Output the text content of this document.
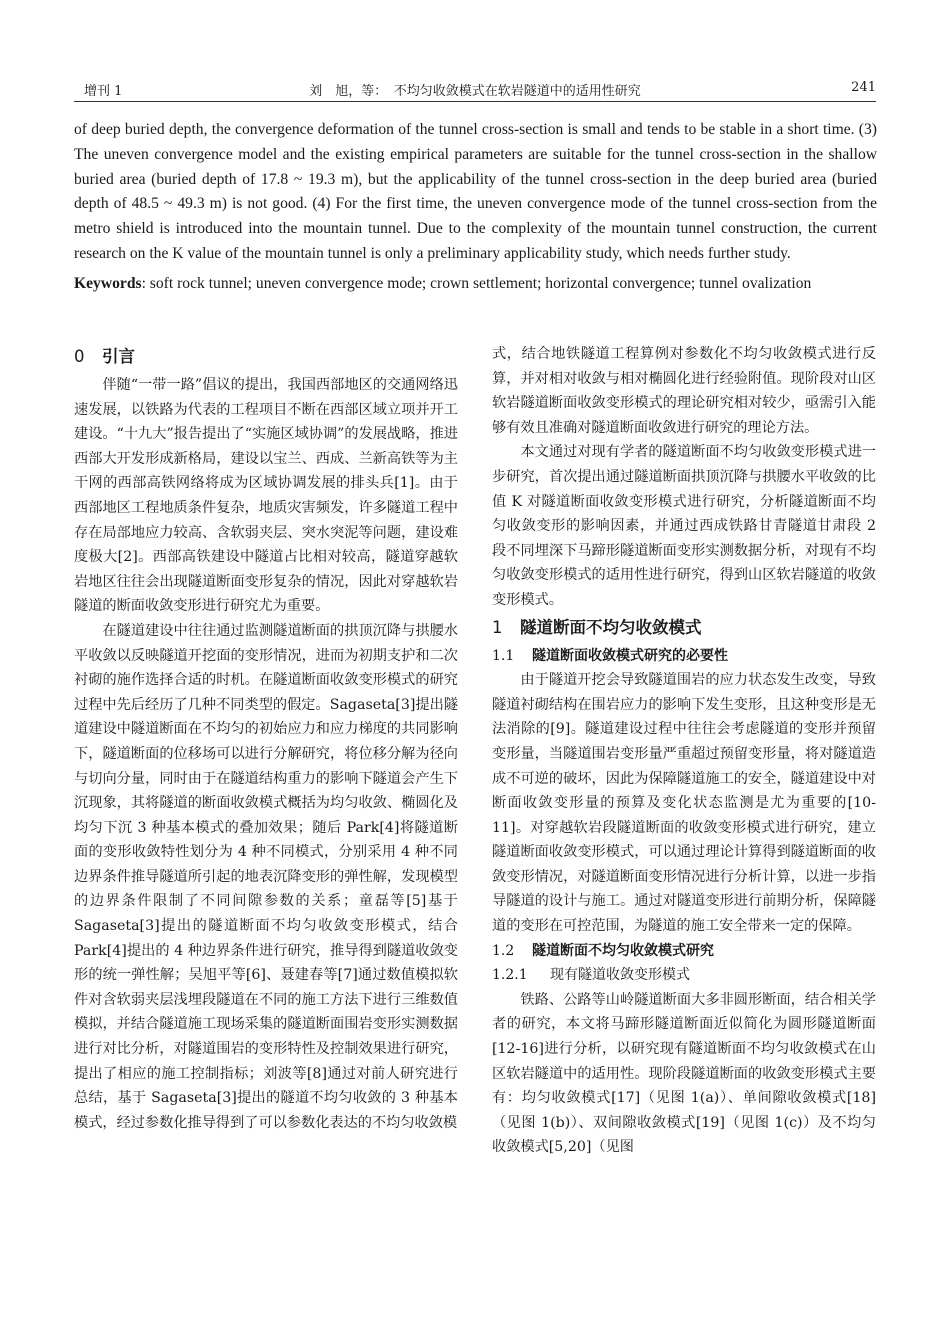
增刊 1	刘　旭，等：　不均匀收敛模式在软岩隧道中的适用性研究	241

of deep buried depth, the convergence deformation of the tunnel cross-section is small and tends to be stable in a short time. (3) The uneven convergence model and the existing empirical parameters are suitable for the tunnel cross-section in the shallow buried area (buried depth of 17.8 ~ 19.3 m), but the applicability of the tunnel cross-section in the deep buried area (buried depth of 48.5 ~ 49.3 m) is not good. (4) For the first time, the uneven convergence mode of the tunnel cross-section from the metro shield is introduced into the mountain tunnel. Due to the complexity of the mountain tunnel construction, the current research on the K value of the mountain tunnel is only a preliminary applicability study, which needs further study.

Keywords: soft rock tunnel; uneven convergence mode; crown settlement; horizontal convergence; tunnel ovalization

0 引言

伴随“一带一路”倡议的提出，我国西部地区的交通网络迅速发展，以铁路为代表的工程项目不断在西部区域立项并开工建设。“十九大”报告提出了“实施区域协调”的发展战略，推进西部大开发形成新格局，建设以宝兰、西成、兰新高铁等为主干网的西部高铁网络将成为区域协调发展的排头兵[1]。由于西部地区工程地质条件复杂，地质灾害频发，许多隧道工程中存在局部地应力较高、含软弱夹层、突水突泥等问题，建设难度极大[2]。西部高铁建设中隧道占比相对较高，隧道穿越软岩地区往往会出现隧道断面变形复杂的情况，因此对穿越软岩隧道的断面收敛变形进行研究尤为重要。

在隧道建设中往往通过监测隧道断面的拱顶沉降与拱腰水平收敛以反映隧道开挖面的变形情况，进而为初期支护和二次衬砌的施作选择合适的时机。在隧道断面收敛变形模式的研究过程中先后经历了几种不同类型的假定。Sagaseta[3]提出隧道建设中隧道断面在不均匀的初始应力和应力梯度的共同影响下，隧道断面的位移场可以进行分解研究，将位移分解为径向与切向分量，同时由于在隧道结构重力的影响下隧道会产生下沉现象，其将隧道的断面收敛模式概括为均匀收敛、椭圆化及均匀下沉 3 种基本模式的叠加效果；随后 Park[4]将隧道断面的变形收敛特性划分为 4 种不同模式，分别采用 4 种不同边界条件推导隧道所引起的地表沉降变形的弹性解，发现模型的边界条件限制了不同间隙参数的关系；童磊等[5]基于 Sagaseta[3]提出的隧道断面不均匀收敛变形模式，结合 Park[4]提出的 4 种边界条件进行研究，推导得到隧道收敛变形的统一弹性解；吴旭平等[6]、聂建春等[7]通过数值模拟软件对含软弱夹层浅埋段隧道在不同的施工方法下进行三维数值模拟，并结合隧道施工现场采集的隧道断面围岩变形实测数据进行对比分析，对隧道围岩的变形特性及控制效果进行研究，提出了相应的施工控制指标；刘波等[8]通过对前人研究进行总结，基于 Sagaseta[3]提出的隧道不均匀收敛的 3 种基本模式，经过参数化推导得到了可以参数化表达的不均匀收敛模

式，结合地铁隧道工程算例对参数化不均匀收敛模式进行反算，并对相对收敛与相对椭圆化进行经验附值。现阶段对山区软岩隧道断面收敛变形模式的理论研究相对较少，亟需引入能够有效且准确对隧道断面收敛进行研究的理论方法。

本文通过对现有学者的隧道断面不均匀收敛变形模式进一步研究，首次提出通过隧道断面拱顶沉降与拱腰水平收敛的比值 K 对隧道断面收敛变形模式进行研究，分析隧道断面不均匀收敛变形的影响因素，并通过西成铁路甘青隧道甘肃段 2 段不同埋深下马蹄形隧道断面变形实测数据分析，对现有不均匀收敛变形模式的适用性进行研究，得到山区软岩隧道的收敛变形模式。

1 隧道断面不均匀收敛模式
1.1 隧道断面收敛模式研究的必要性

由于隧道开挖会导致隧道围岩的应力状态发生改变，导致隧道衬砌结构在围岩应力的影响下发生变形，且这种变形是无法消除的[9]。隧道建设过程中往往会考虑隧道的变形并预留变形量，当隧道围岩变形量严重超过预留变形量，将对隧道造成不可逆的破坏，因此为保障隧道施工的安全，隧道建设中对断面收敛变形量的预算及变化状态监测是尤为重要的[10-11]。对穿越软岩段隧道断面的收敛变形模式进行研究，建立隧道断面收敛变形模式，可以通过理论计算得到隧道断面的收敛变形情况，对隧道断面变形情况进行分析计算，以进一步指导隧道的设计与施工。通过对隧道变形进行前期分析，保障隧道的变形在可控范围，为隧道的施工安全带来一定的保障。

1.2 隧道断面不均匀收敛模式研究
1.2.1 现有隧道收敛变形模式

铁路、公路等山岭隧道断面大多非圆形断面，结合相关学者的研究，本文将马蹄形隧道断面近似简化为圆形隧道断面[12-16]进行分析，以研究现有隧道断面不均匀收敛模式在山区软岩隧道中的适用性。现阶段隧道断面的收敛变形模式主要有：均匀收敛模式[17]（见图 1(a)）、单间隙收敛模式[18]（见图 1(b)）、双间隙收敛模式[19]（见图 1(c)）及不均匀收敛模式[5,20]（见图
